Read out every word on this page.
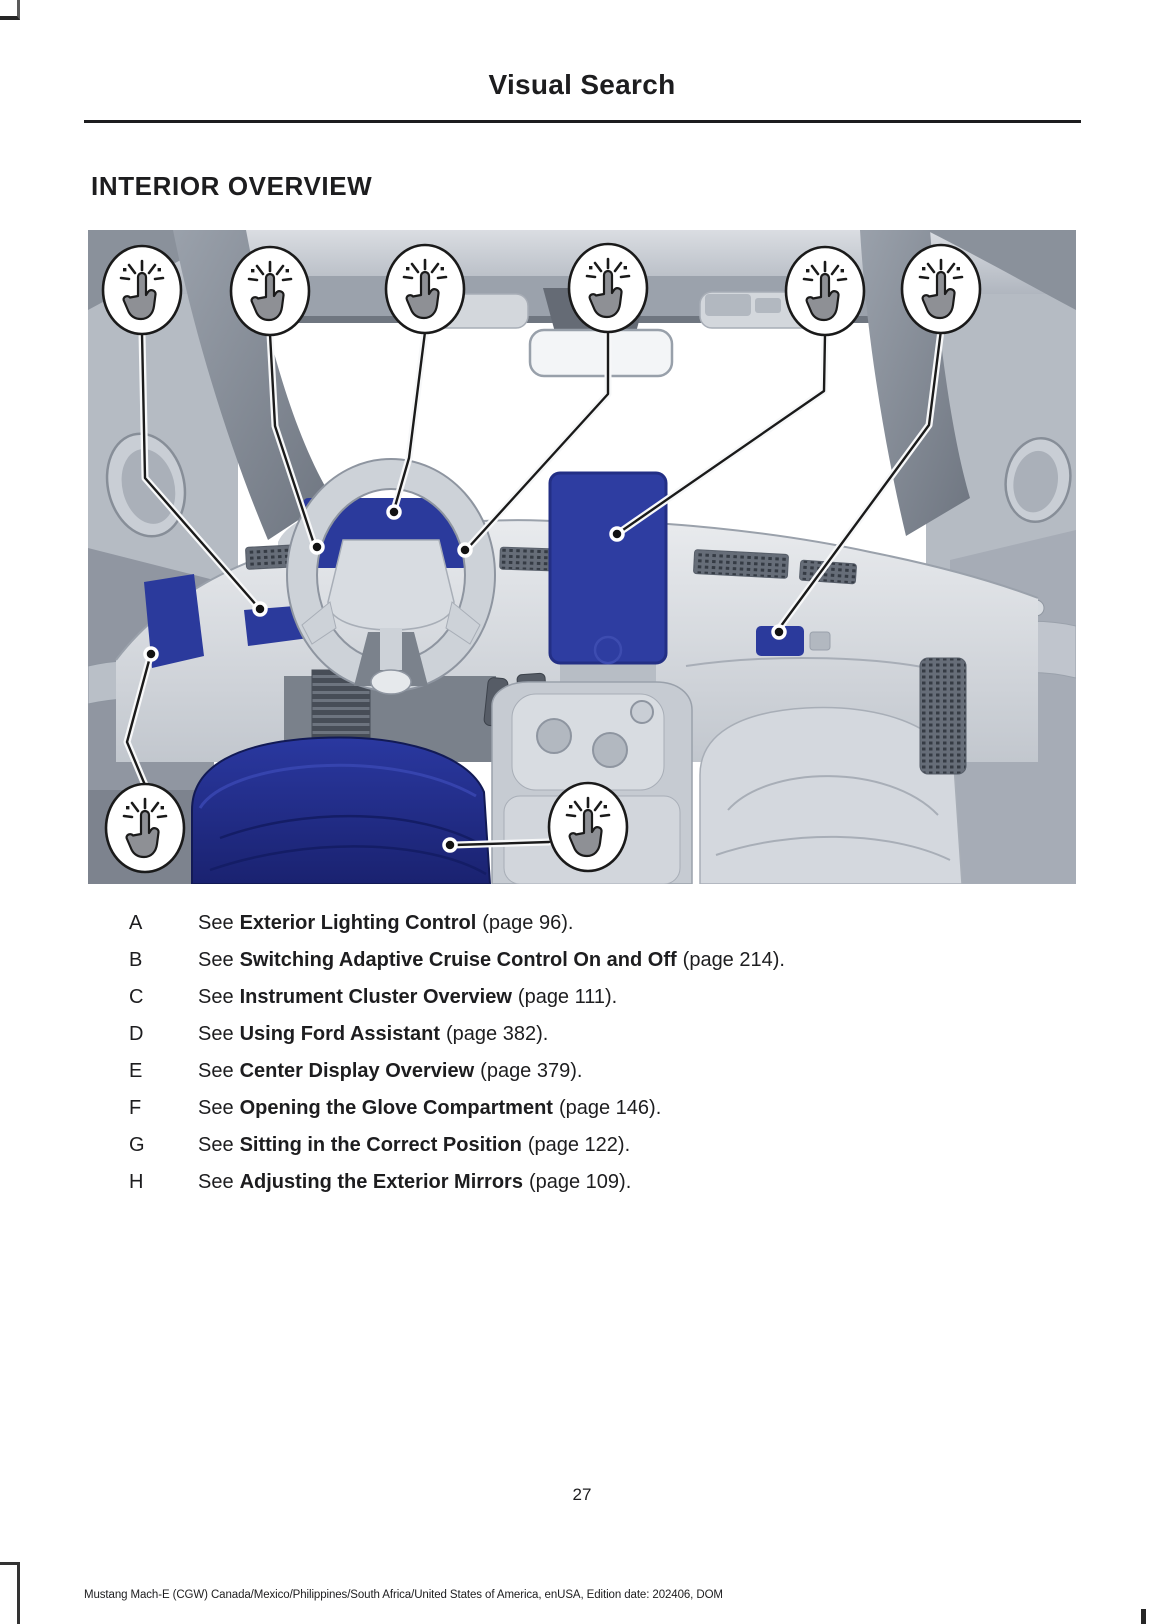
Visual Search
INTERIOR OVERVIEW
A	See Exterior Lighting Control (page 96).
B	See Switching Adaptive Cruise Control On and Off (page 214).
C	See Instrument Cluster Overview (page 111).
D	See Using Ford Assistant (page 382).
E	See Center Display Overview (page 379).
F	See Opening the Glove Compartment (page 146).
G	See Sitting in the Correct Position (page 122).
H	See Adjusting the Exterior Mirrors (page 109).
27
Mustang Mach-E (CGW) Canada/Mexico/Philippines/South Africa/United States of America, enUSA, Edition date: 202406, DOM
